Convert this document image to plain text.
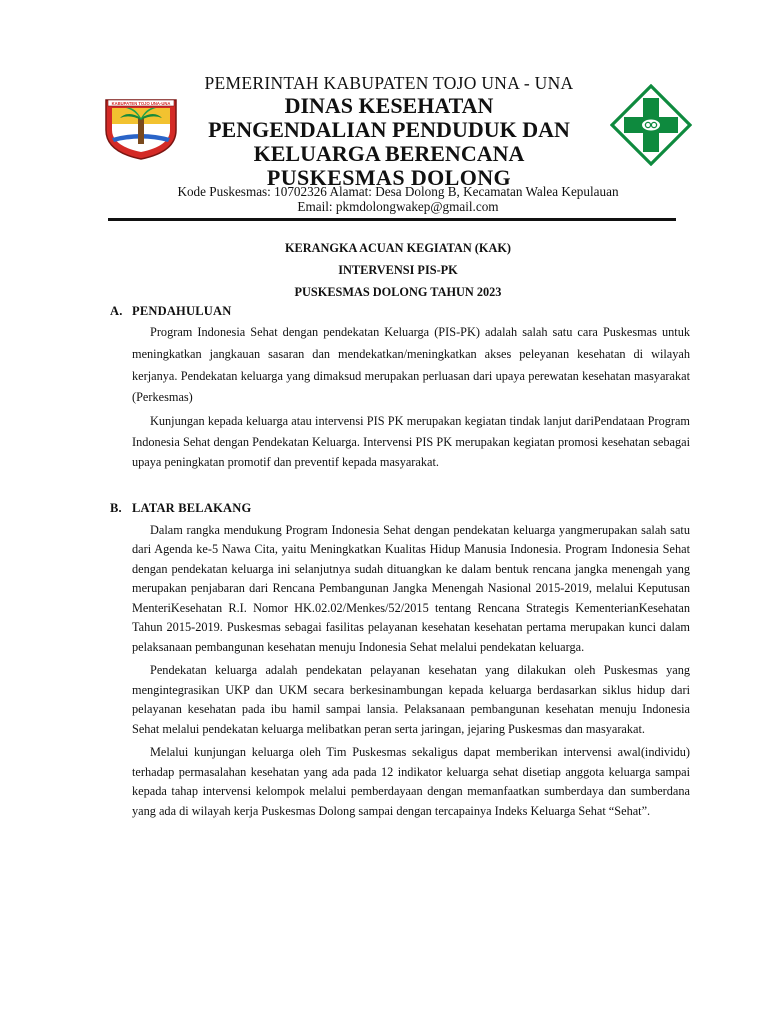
KABUPATEN TOJO UNA-UNA
PEMERINTAH KABUPATEN TOJO UNA - UNA
DINAS KESEHATAN
PENGENDALIAN PENDUDUK DAN
KELUARGA BERENCANA
PUSKESMAS DOLONG
Kode Puskesmas: 10702326 Alamat: Desa Dolong B, Kecamatan Walea Kepulauan
Email: pkmdolongwakep@gmail.com
KERANGKA ACUAN KEGIATAN (KAK)
INTERVENSI PIS-PK
PUSKESMAS DOLONG TAHUN 2023
A. PENDAHULUAN

Program Indonesia Sehat dengan pendekatan Keluarga (PIS-PK) adalah salah satu cara Puskesmas untuk meningkatkan jangkauan sasaran dan mendekatkan/meningkatkan akses peleyanan kesehatan di wilayah kerjanya. Pendekatan keluarga yang dimaksud merupakan perluasan dari upaya perewatan kesehatan masyarakat (Perkesmas)

Kunjungan kepada keluarga atau intervensi PIS PK merupakan kegiatan tindak lanjut dariPendataan Program Indonesia Sehat dengan Pendekatan Keluarga. Intervensi PIS PK merupakan kegiatan promosi kesehatan sebagai upaya peningkatan promotif dan preventif kepada masyarakat.

B. LATAR BELAKANG

Dalam rangka mendukung Program Indonesia Sehat dengan pendekatan keluarga yangmerupakan salah satu dari Agenda ke-5 Nawa Cita, yaitu Meningkatkan Kualitas Hidup Manusia Indonesia. Program Indonesia Sehat dengan pendekatan keluarga ini selanjutnya sudah dituangkan ke dalam bentuk rencana jangka menengah yang merupakan penjabaran dari Rencana Pembangunan Jangka Menengah Nasional 2015-2019, melalui Keputusan MenteriKesehatan R.I. Nomor HK.02.02/Menkes/52/2015 tentang Rencana Strategis KementerianKesehatan Tahun 2015-2019. Puskesmas sebagai fasilitas pelayanan kesehatan kesehatan pertama merupakan kunci dalam pelaksanaan pembangunan kesehatan menuju Indonesia Sehat melalui pendekatan keluarga.

Pendekatan keluarga adalah pendekatan pelayanan kesehatan yang dilakukan oleh Puskesmas yang mengintegrasikan UKP dan UKM secara berkesinambungan kepada keluarga berdasarkan siklus hidup dari pelayanan kesehatan pada ibu hamil sampai lansia. Pelaksanaan pembangunan kesehatan menuju Indonesia Sehat melalui pendekatan keluarga melibatkan peran serta jaringan, jejaring Puskesmas dan masyarakat.

Melalui kunjungan keluarga oleh Tim Puskesmas sekaligus dapat memberikan intervensi awal(individu) terhadap permasalahan kesehatan yang ada pada 12 indikator keluarga sehat disetiap anggota keluarga sampai kepada tahap intervensi kelompok melalui pemberdayaan dengan memanfaatkan sumberdaya dan sumberdana yang ada di wilayah kerja Puskesmas Dolong sampai dengan tercapainya Indeks Keluarga Sehat “Sehat”.
